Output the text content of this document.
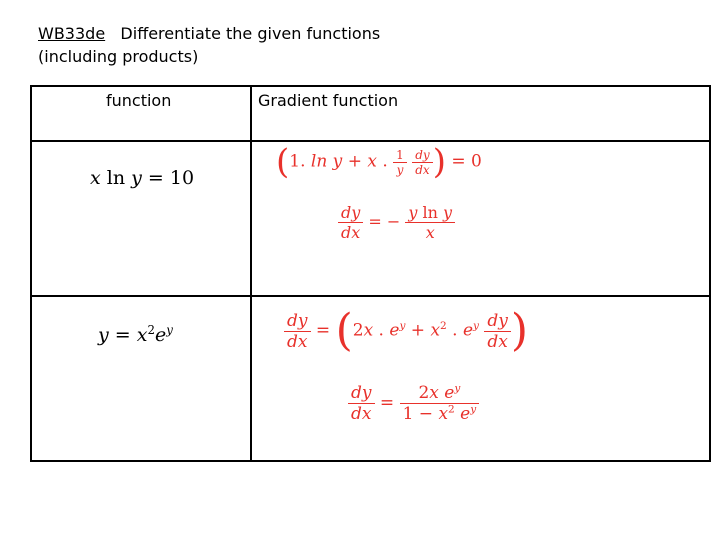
WB33de Differentiate the given functions
(including products)
function	Gradient function
x ln y = 10 (1. ln y + x . $\frac{1}{y}$
$\frac{dy}{dx}$ ) = 0
$\frac{dy}{dx}$ = − $\frac{\text{y ln y}}{x}$
$y = x^2e^y$	$\frac{dy}{dx} = (2x$ . $e^y + x^2$ . $e^y \frac{dy}{dx}$ )
$\frac{dy}{dx} = \frac{2x e^y}{1 - x^2 e^y}$
